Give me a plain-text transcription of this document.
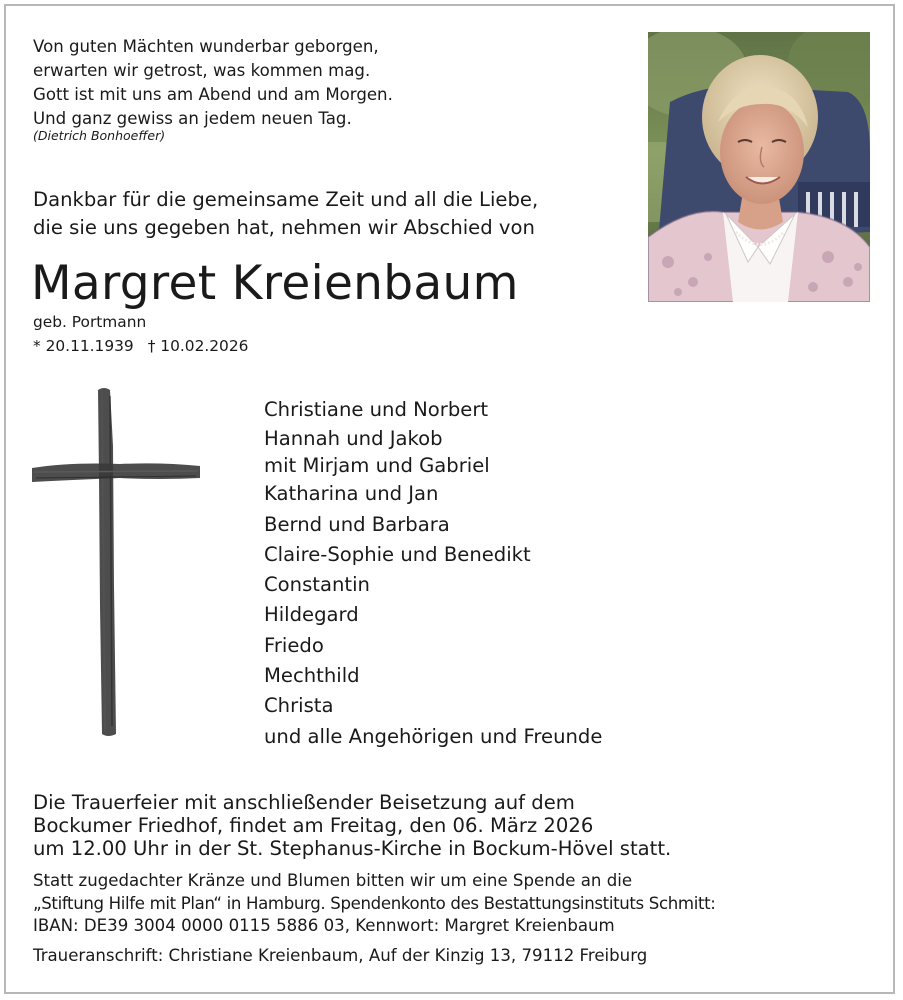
Von guten Mächten wunderbar geborgen,
erwarten wir getrost, was kommen mag.
Gott ist mit uns am Abend und am Morgen.
Und ganz gewiss an jedem neuen Tag.
(Dietrich Bonhoeffer)
Dankbar für die gemeinsame Zeit und all die Liebe,
die sie uns gegeben hat, nehmen wir Abschied von
Margret Kreienbaum
geb. Portmann
* 20.11.1939 † 10.02.2026
Christiane und Norbert
Hannah und Jakob
mit Mirjam und Gabriel
Katharina und Jan
Bernd und Barbara
Claire-Sophie und Benedikt
Constantin
Hildegard
Friedo
Mechthild
Christa
und alle Angehörigen und Freunde
Die Trauerfeier mit anschließender Beisetzung auf dem
Bockumer Friedhof, findet am Freitag, den 06. März 2026
um 12.00 Uhr in der St. Stephanus-Kirche in Bockum-Hövel statt.
Statt zugedachter Kränze und Blumen bitten wir um eine Spende an die
„Stiftung Hilfe mit Plan“ in Hamburg. Spendenkonto des Bestattungsinstituts Schmitt:
IBAN: DE39 3004 0000 0115 5886 03, Kennwort: Margret Kreienbaum
Traueranschrift: Christiane Kreienbaum, Auf der Kinzig 13, 79112 Freiburg
